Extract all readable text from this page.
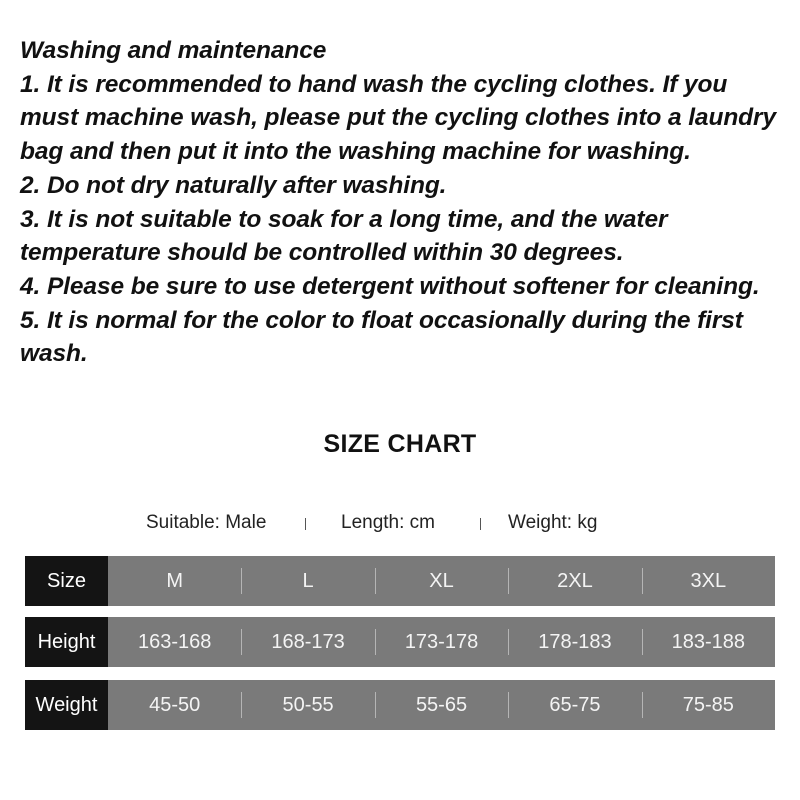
Washing and maintenance

1. It is recommended to hand wash the cycling clothes. If you must machine wash, please put the cycling clothes into a laundry bag and then put it into the washing machine for washing.

2. Do not dry naturally after washing.

3. It is not suitable to soak for a long time, and the water temperature should be controlled within 30 degrees.

4. Please be sure to use detergent without softener for cleaning.

5. It is normal for the color to float occasionally during the first wash.

SIZE CHART
Suitable: Male	Length: cm	Weight: kg
Size	M	L	XL	2XL	3XL
Height	163-168	168-173	173-178	178-183	183-188
Weight	45-50	50-55	55-65	65-75	75-85
